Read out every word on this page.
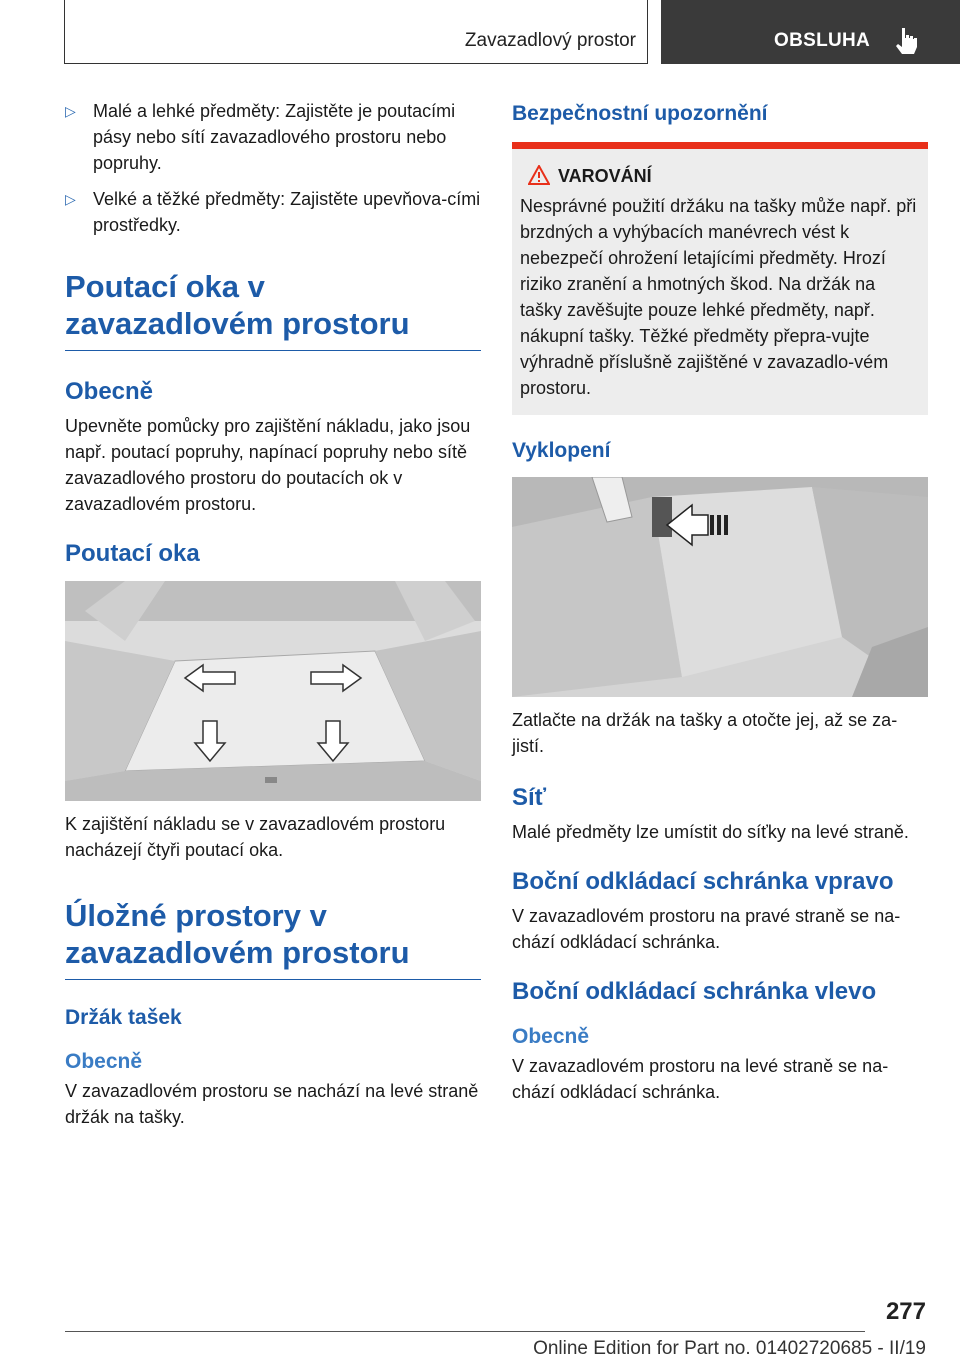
Zavazadlový prostor	OBSLUHA
▷ Malé a lehké předměty: Zajistěte je poutacími pásy nebo sítí zavazadlového prostoru nebo popruhy.
▷ Velké a těžké předměty: Zajistěte upevňova‐cími prostředky.
Poutací oka v zavazadlovém prostoru
Obecně

Upevněte pomůcky pro zajištění nákladu, jako jsou např. poutací popruhy, napínací popruhy nebo sítě zavazadlového prostoru do poutacích ok v zavazadlovém prostoru.

Poutací oka

K zajištění nákladu se v zavazadlovém prostoru nacházejí čtyři poutací oka.

Úložné prostory v zavazadlovém prostoru
Držák tašek
Obecně

V zavazadlovém prostoru se nachází na levé straně držák na tašky.

Bezpečnostní upozornění
VAROVÁNÍ

Nesprávné použití držáku na tašky může např. při brzdných a vyhýbacích manévrech vést k nebezpečí ohrožení letajícími předměty. Hrozí riziko zranění a hmotných škod. Na držák na tašky zavěšujte pouze lehké předměty, např. nákupní tašky. Těžké předměty přepra‐vujte výhradně příslušně zajištěné v zavazadlo‐vém prostoru.

Vyklopení

Zatlačte na držák na tašky a otočte jej, až se za‐jistí.

Síť

Malé předměty lze umístit do síťky na levé straně.

Boční odkládací schránka vpravo

V zavazadlovém prostoru na pravé straně se na‐chází odkládací schránka.

Boční odkládací schránka vlevo
Obecně

V zavazadlovém prostoru na levé straně se na‐chází odkládací schránka.

277
Online Edition for Part no. 01402720685 - II/19
